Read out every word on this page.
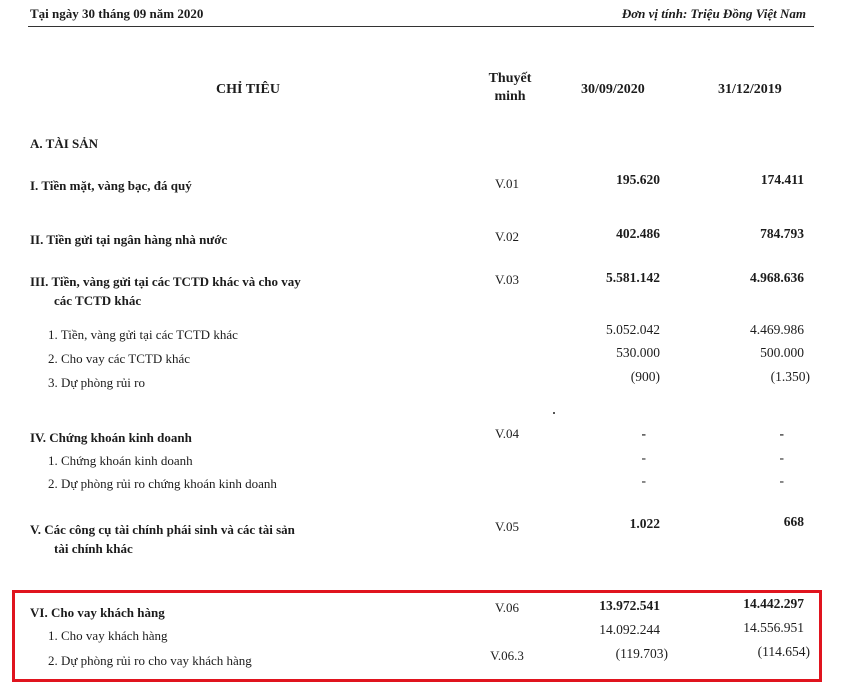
Tại ngày 30 tháng 09 năm 2020	Đơn vị tính: Triệu Đồng Việt Nam
CHỈ TIÊU
Thuyết
minh	30/09/2020	31/12/2019
A. TÀI SẢN
I. Tiền mặt, vàng bạc, đá quý	V.01	195.620	174.411
II. Tiền gửi tại ngân hàng nhà nước	V.02	402.486	784.793
III. Tiền, vàng gửi tại các TCTD khác và cho vay
các TCTD khác
V.03	5.581.142	4.968.636
1. Tiền, vàng gửi tại các TCTD khác	5.052.042	4.469.986
2. Cho vay các TCTD khác	530.000	500.000
3. Dự phòng rủi ro	(900)	(1.350)
IV. Chứng khoán kinh doanh	V.04	-	-
1. Chứng khoán kinh doanh	-	-
2. Dự phòng rủi ro chứng khoán kinh doanh	-	-
V. Các công cụ tài chính phái sinh và các tài sản
tài chính khác
V.05	1.022	668
VI. Cho vay khách hàng	V.06	13.972.541	14.442.297
1. Cho vay khách hàng	14.092.244	14.556.951
2. Dự phòng rủi ro cho vay khách hàng	V.06.3	(119.703)	(114.654)
